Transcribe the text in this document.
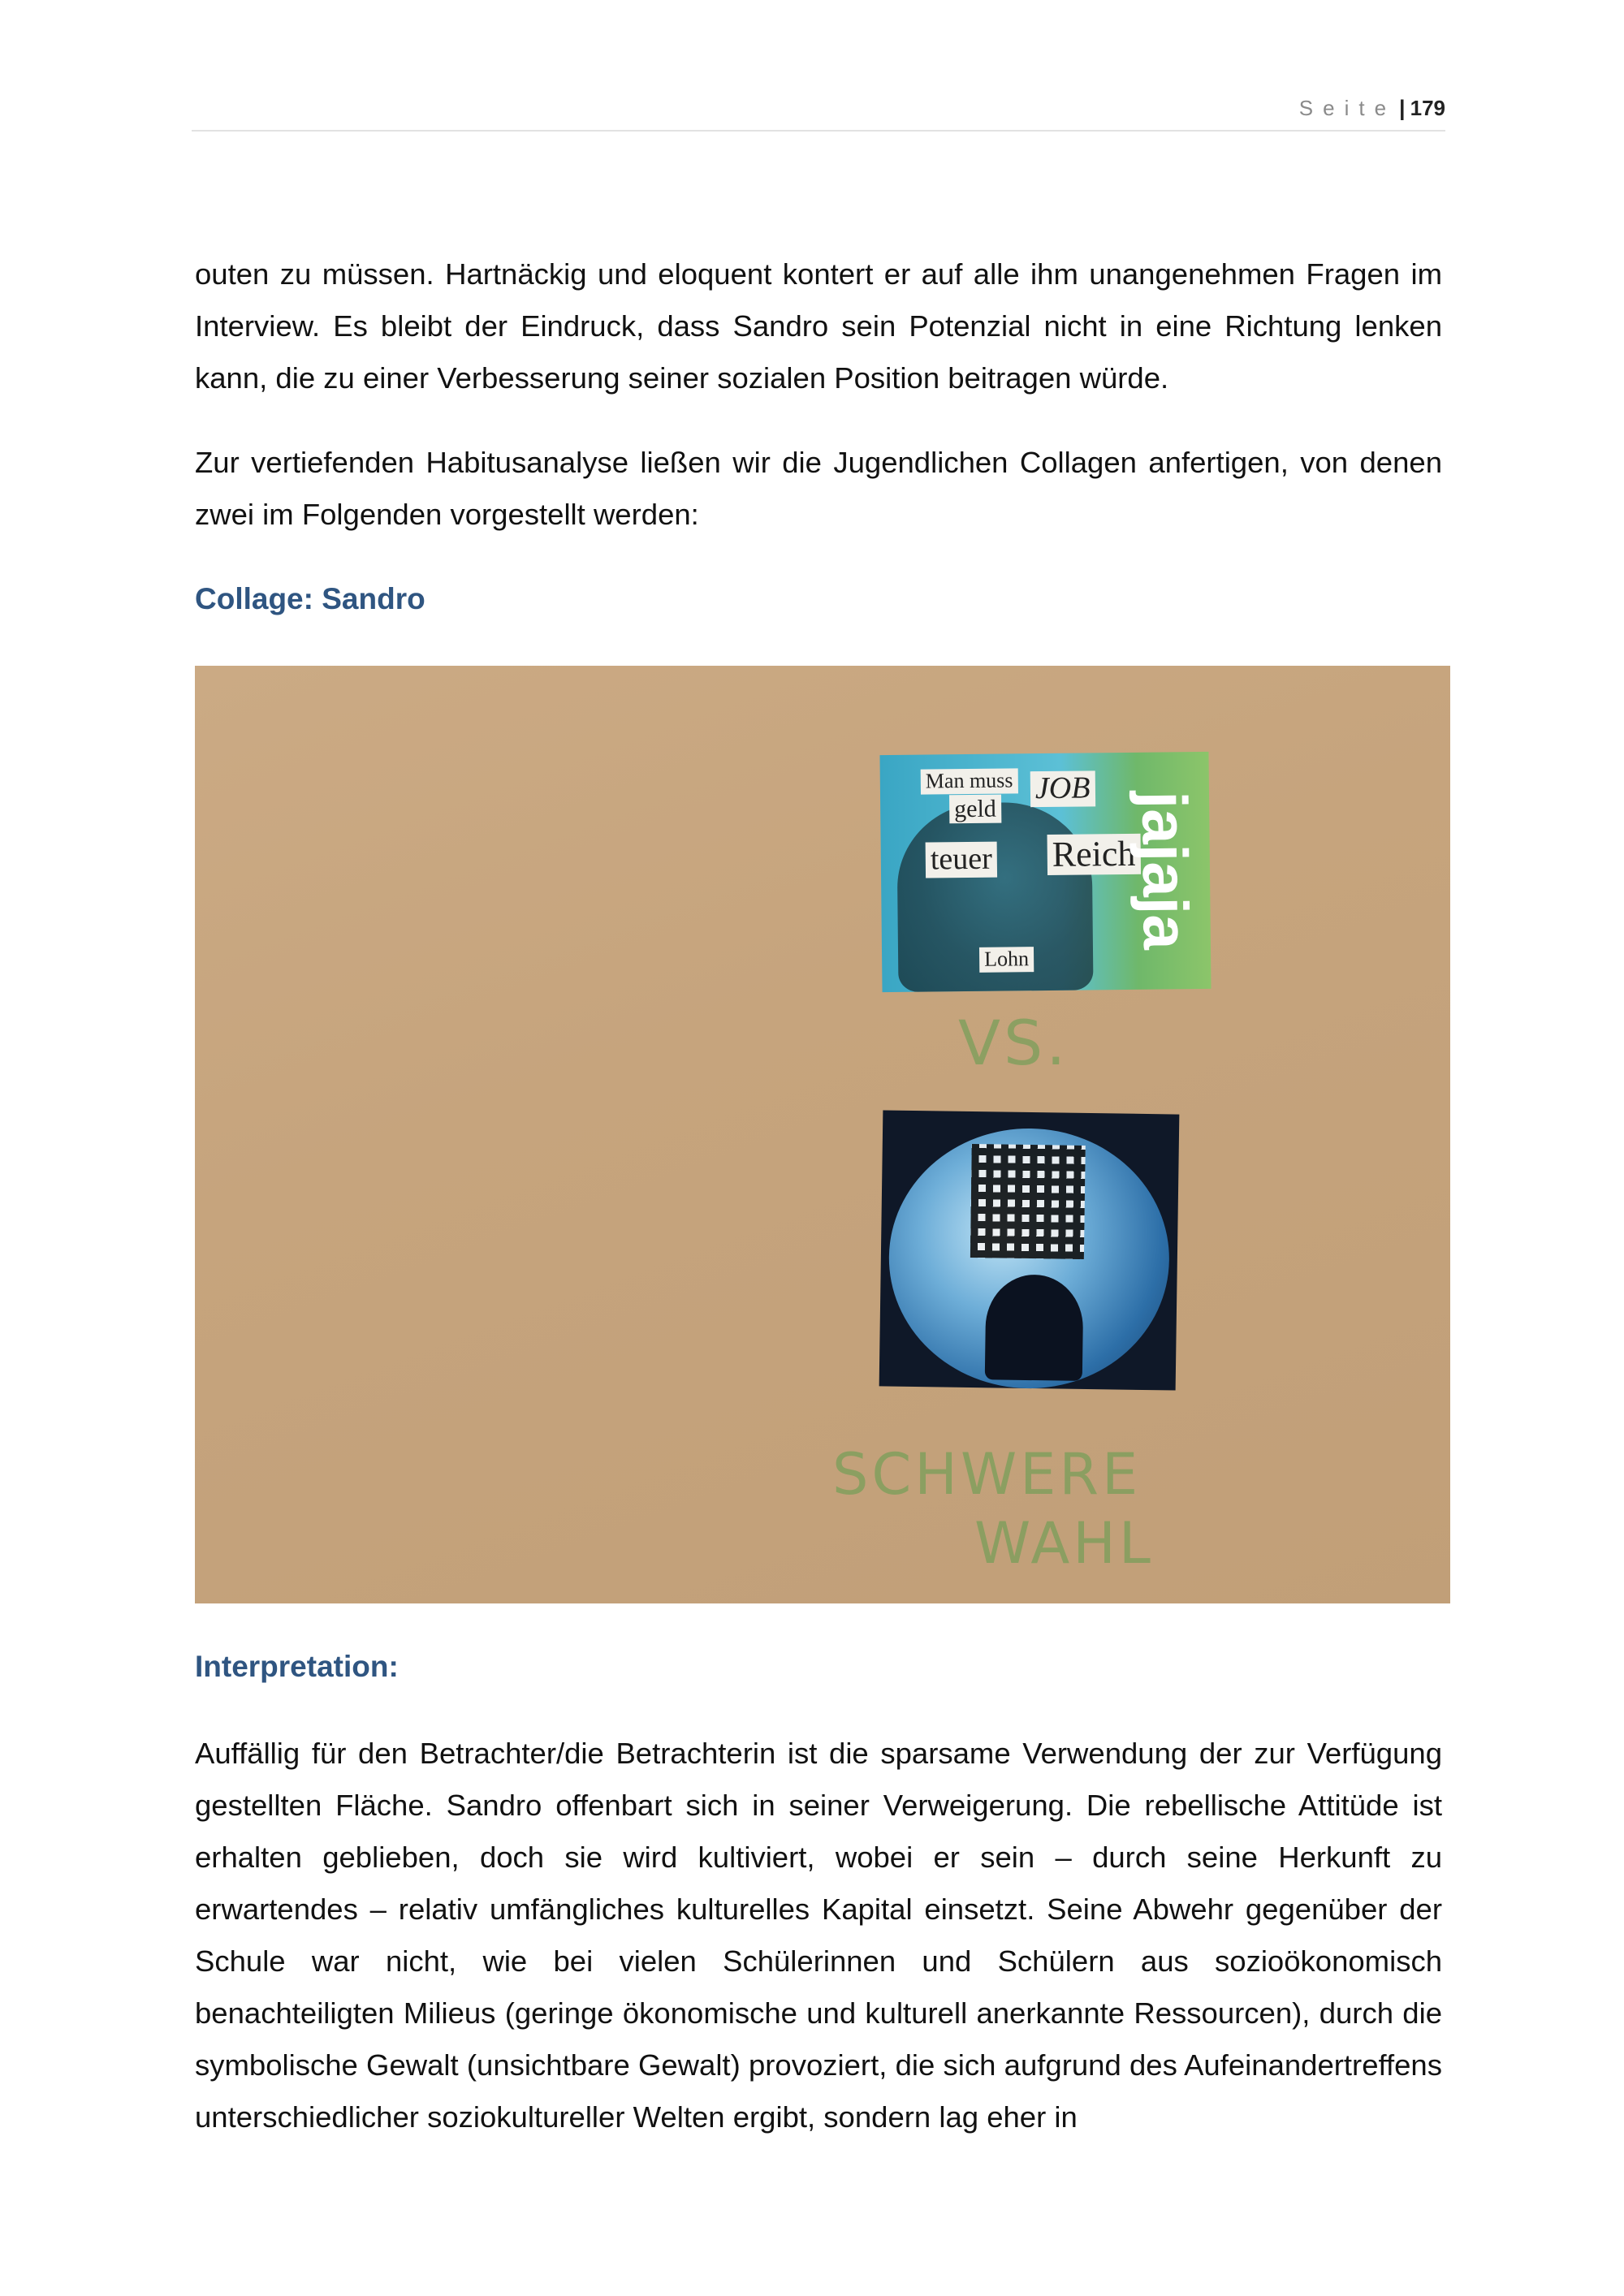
Seite | 179

outen zu müssen. Hartnäckig und eloquent kontert er auf alle ihm unangenehmen Fragen im Interview. Es bleibt der Eindruck, dass Sandro sein Potenzial nicht in eine Richtung lenken kann, die zu einer Verbesserung seiner sozialen Position beitragen würde.

Zur vertiefenden Habitusanalyse ließen wir die Jugendlichen Collagen anfertigen, von denen zwei im Folgenden vorgestellt werden:

Collage: Sandro
Man muss
geld
JOB
teuer Reich
Lohn
jajaja
VS.
SCHWERE
WAHL
Interpretation:

Auffällig für den Betrachter/die Betrachterin ist die sparsame Verwendung der zur Verfügung gestellten Fläche. Sandro offenbart sich in seiner Verweigerung. Die rebellische Attitüde ist erhalten geblieben, doch sie wird kultiviert, wobei er sein – durch seine Herkunft zu erwartendes – relativ umfängliches kulturelles Kapital einsetzt. Seine Abwehr gegenüber der Schule war nicht, wie bei vielen Schülerinnen und Schülern aus sozioökonomisch benachteiligten Milieus (geringe ökonomische und kulturell anerkannte Ressourcen), durch die symbolische Gewalt (unsichtbare Gewalt) provoziert, die sich aufgrund des Aufeinandertreffens unterschiedlicher soziokultureller Welten ergibt, sondern lag eher in
